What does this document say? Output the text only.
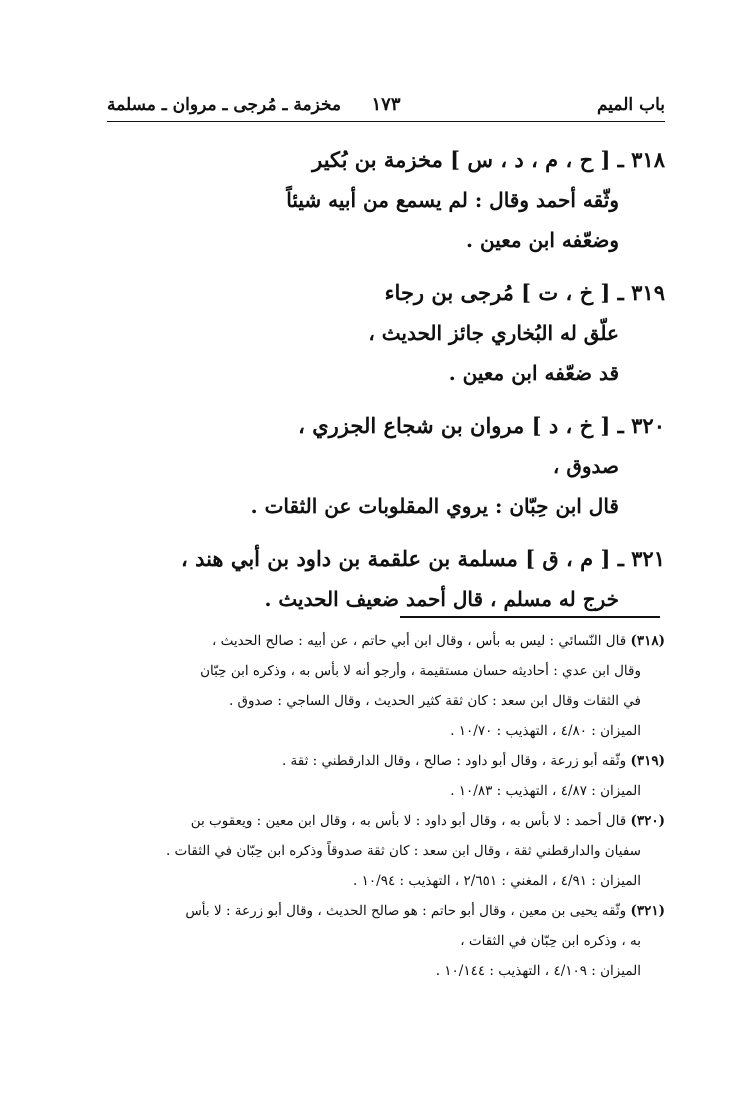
باب الميم
١٧٣
مخزمة ـ مُرجى ـ مروان ـ مسلمة
٣١٨ ـ [ ح ، م ، د ، س ] مخزمة بن بُكير
وثّقه أحمد وقال : لم يسمع من أبيه شيئاً
وضعّفه ابن معين .
٣١٩ ـ [ خ ، ت ] مُرجى بن رجاء
علّق له البُخاري جائز الحديث ،
قد ضعّفه ابن معين .
٣٢٠ ـ [ خ ، د ] مروان بن شجاع الجزري ،
صدوق ،
قال ابن حِبّان : يروي المقلوبات عن الثقات .
٣٢١ ـ [ م ، ق ] مسلمة بن علقمة بن داود بن أبي هند ،
خرج له مسلم ، قال أحمد ضعيف الحديث .
(٣١٨) قال النّسائي : ليس به بأس ، وقال ابن أبي حاتم ، عن أبيه : صالح الحديث ،
وقال ابن عدي : أحاديثه حسان مستقيمة ، وأرجو أنه لا بأس به ، وذكره ابن حِبّان
في الثقات وقال ابن سعد : كان ثقة كثير الحديث ، وقال الساجي : صدوق .
الميزان : ٤/٨٠ ، التهذيب : ١٠/٧٠ .
(٣١٩) وثّقه أبو زرعة ، وقال أبو داود : صالح ، وقال الدارقطني : ثقة .
الميزان : ٤/٨٧ ، التهذيب : ١٠/٨٣ .
(٣٢٠) قال أحمد : لا بأس به ، وقال أبو داود : لا بأس به ، وقال ابن معين : ويعقوب بن
سفيان والدارقطني ثقة ، وقال ابن سعد : كان ثقة صدوقاً وذكره ابن حِبّان في الثقات .
الميزان : ٤/٩١ ، المغني : ٢/٦٥١ ، التهذيب : ١٠/٩٤ .
(٣٢١) وثّقه يحيى بن معين ، وقال أبو حاتم : هو صالح الحديث ، وقال أبو زرعة : لا بأس
به ، وذكره ابن حِبّان في الثقات ،
الميزان : ٤/١٠٩ ، التهذيب : ١٠/١٤٤ .
